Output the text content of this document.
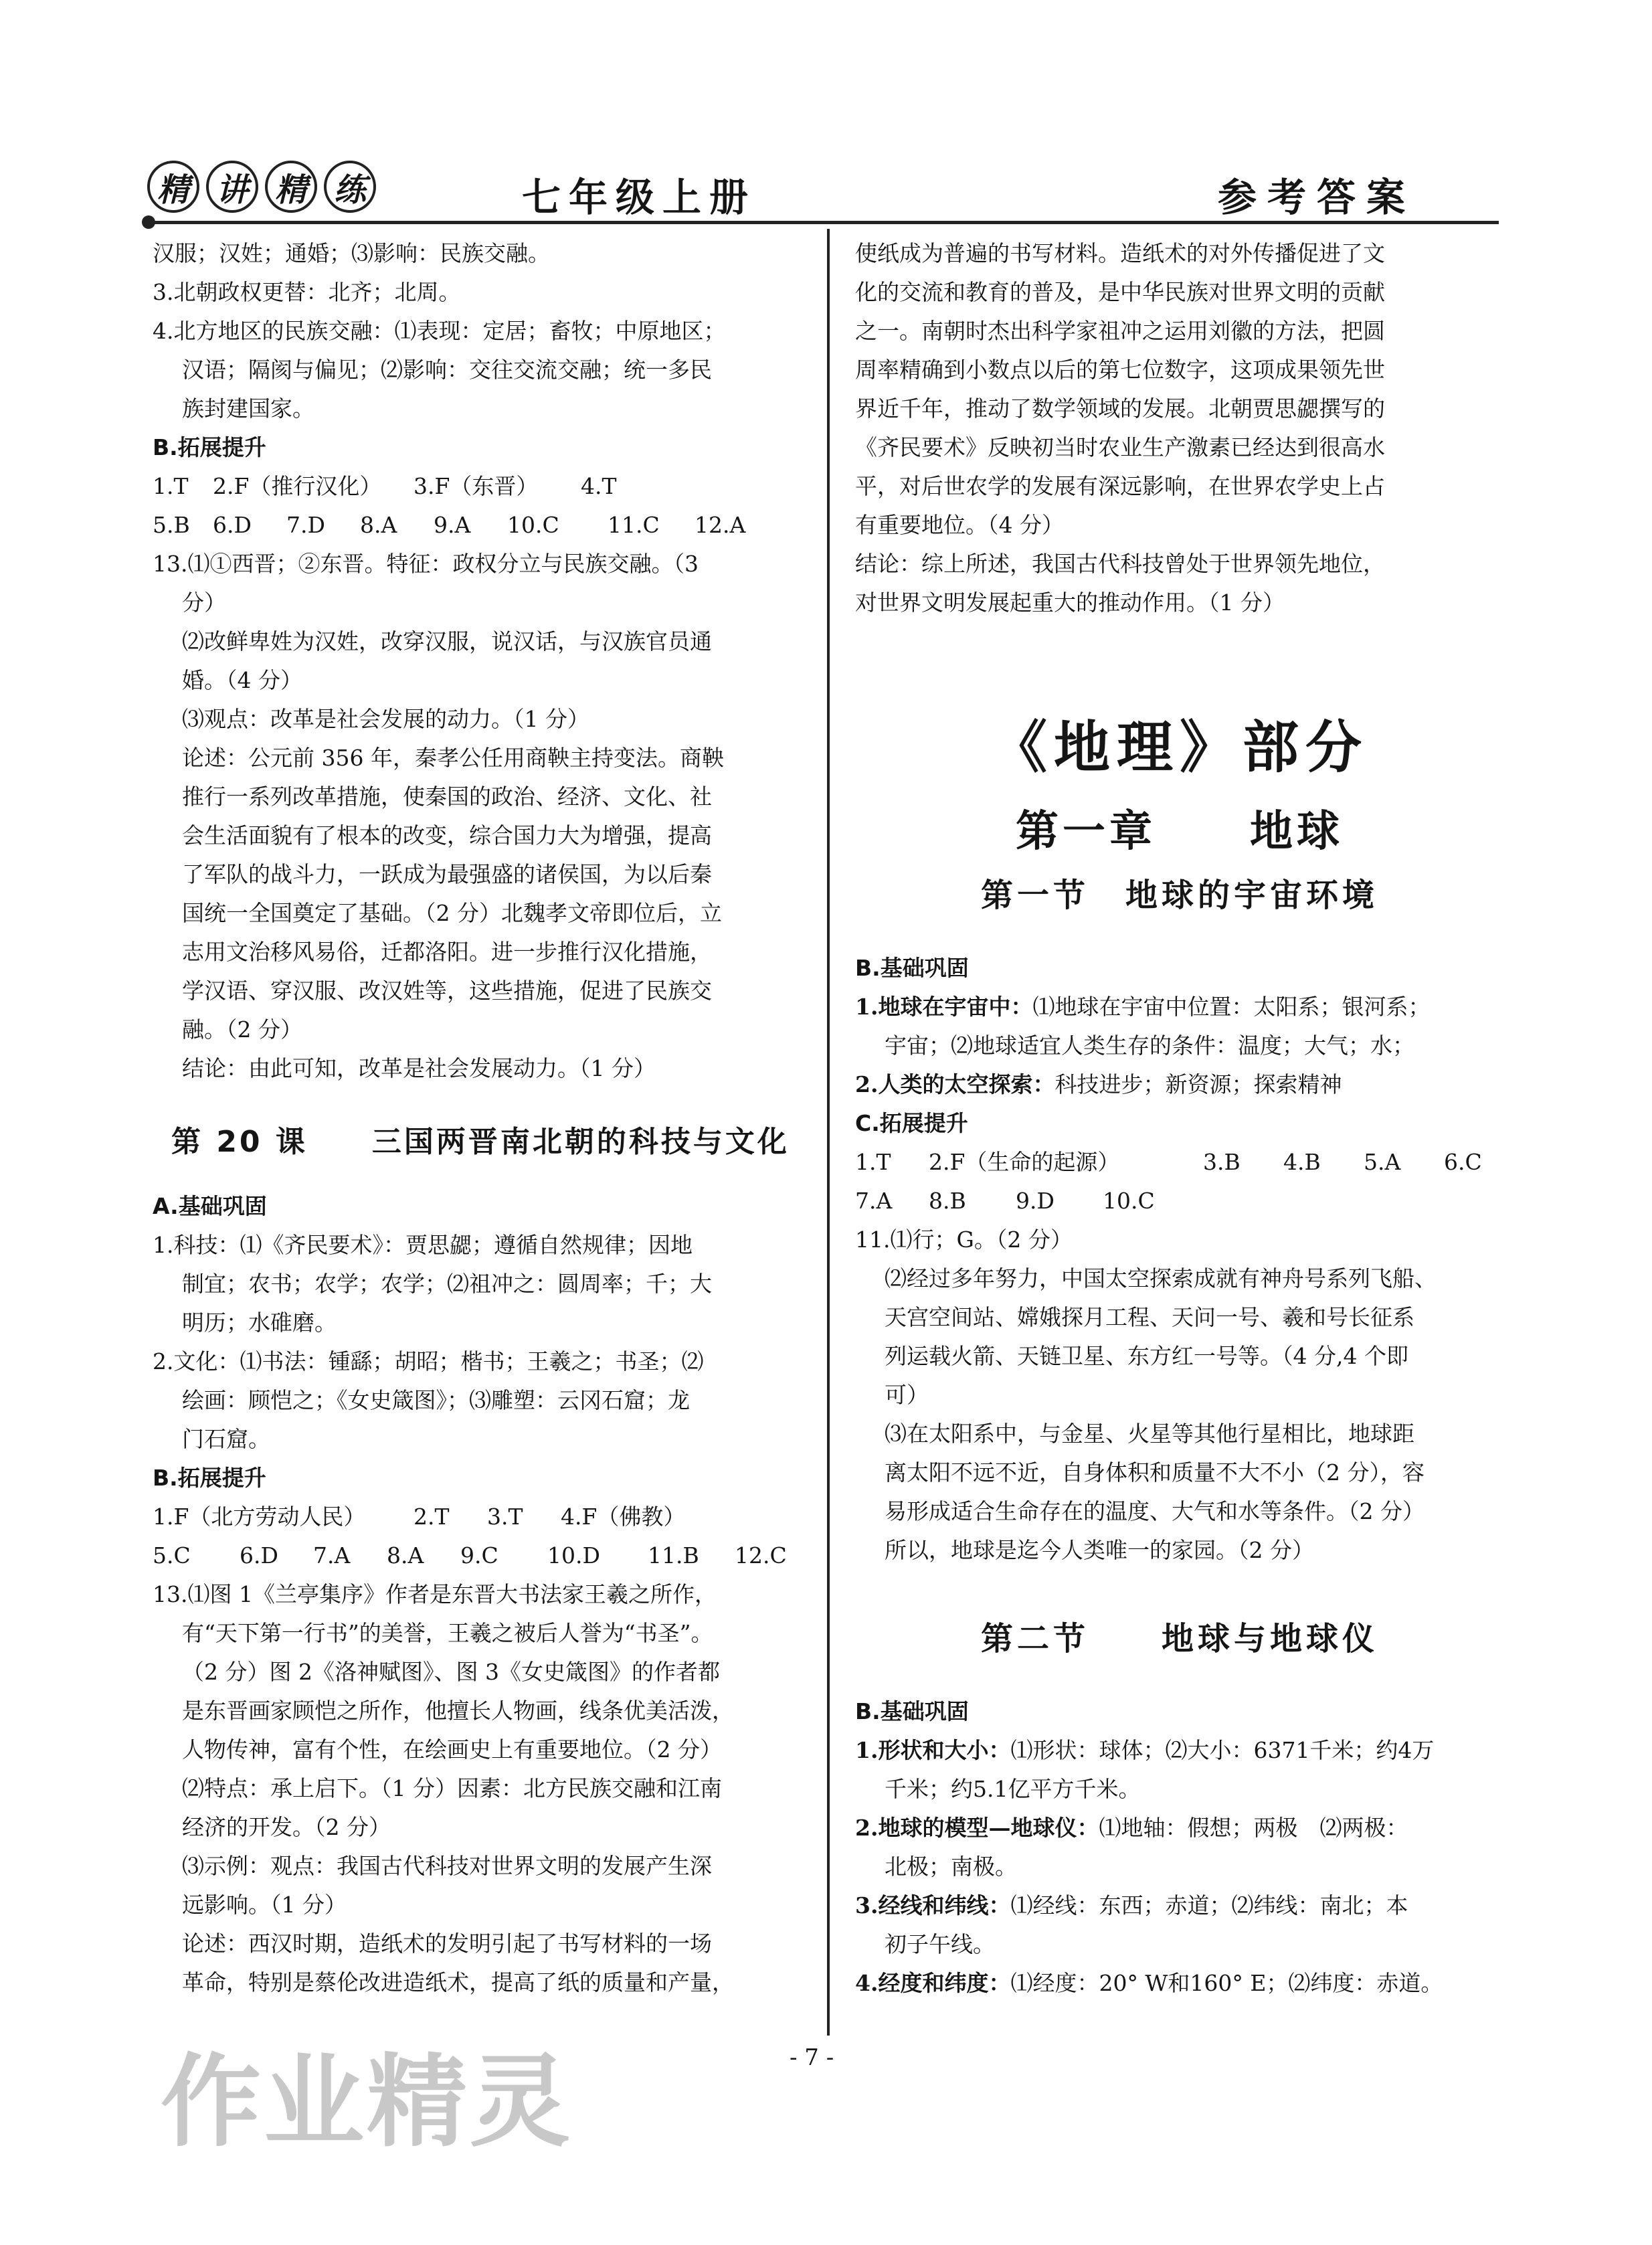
精 讲 精 练	七年级上册	参考答案

汉服；汉姓；通婚；⑶影响：民族交融。

3.北朝政权更替：北齐；北周。

4.北方地区的民族交融：⑴表现：定居；畜牧；中原地区；

汉语；隔阂与偏见；⑵影响：交往交流交融；统一多民

族封建国家。

B.拓展提升

1.T	2.F（推行汉化）	3.F（东晋）	4.T
5.B	6.D	7.D	8.A	9.A	10.C	11.C	12.A

13.⑴①西晋；②东晋。特征：政权分立与民族交融。（3

分）

⑵改鲜卑姓为汉姓，改穿汉服，说汉话，与汉族官员通

婚。（4 分）

⑶观点：改革是社会发展的动力。（1 分）

论述：公元前 356 年，秦孝公任用商鞅主持变法。商鞅

推行一系列改革措施，使秦国的政治、经济、文化、社

会生活面貌有了根本的改变，综合国力大为增强，提高

了军队的战斗力，一跃成为最强盛的诸侯国，为以后秦

国统一全国奠定了基础。（2 分）北魏孝文帝即位后，立

志用文治移风易俗，迁都洛阳。进一步推行汉化措施，

学汉语、穿汉服、改汉姓等，这些措施，促进了民族交

融。（2 分）

结论：由此可知，改革是社会发展动力。（1 分）

第 20 课　　三国两晋南北朝的科技与文化

A.基础巩固

1.科技：⑴《齐民要术》：贾思勰；遵循自然规律；因地

制宜；农书；农学；农学；⑵祖冲之：圆周率；千；大

明历；水碓磨。

2.文化：⑴书法：锺繇；胡昭；楷书；王羲之；书圣；⑵

绘画：顾恺之；《女史箴图》；⑶雕塑：云冈石窟；龙

门石窟。

B.拓展提升

1.F（北方劳动人民）	2.T	3.T	4.F（佛教）
5.C	6.D	7.A	8.A	9.C	10.D	11.B	12.C

13.⑴图 1《兰亭集序》作者是东晋大书法家王羲之所作，

有“天下第一行书”的美誉，王羲之被后人誉为“书圣”。

（2 分）图 2《洛神赋图》、图 3《女史箴图》的作者都

是东晋画家顾恺之所作，他擅长人物画，线条优美活泼，

人物传神，富有个性，在绘画史上有重要地位。（2 分）

⑵特点：承上启下。（1 分）因素：北方民族交融和江南

经济的开发。（2 分）

⑶示例：观点：我国古代科技对世界文明的发展产生深

远影响。（1 分）

论述：西汉时期，造纸术的发明引起了书写材料的一场

革命，特别是蔡伦改进造纸术，提高了纸的质量和产量，

使纸成为普遍的书写材料。造纸术的对外传播促进了文

化的交流和教育的普及，是中华民族对世界文明的贡献

之一。南朝时杰出科学家祖冲之运用刘徽的方法，把圆

周率精确到小数点以后的第七位数字，这项成果领先世

界近千年，推动了数学领域的发展。北朝贾思勰撰写的

《齐民要术》反映初当时农业生产激素已经达到很高水

平，对后世农学的发展有深远影响，在世界农学史上占

有重要地位。（4 分）

结论：综上所述，我国古代科技曾处于世界领先地位，

对世界文明发展起重大的推动作用。（1 分）

《地理》部分
第一章　　地球
第一节　地球的宇宙环境

B.基础巩固

1.地球在宇宙中：⑴地球在宇宙中位置：太阳系；银河系；

宇宙；⑵地球适宜人类生存的条件：温度；大气；水；

2.人类的太空探索：科技进步；新资源；探索精神

C.拓展提升

1.T	2.F（生命的起源）	3.B	4.B	5.A	6.C
7.A	8.B	9.D	10.C

11.⑴行；G。（2 分）

⑵经过多年努力，中国太空探索成就有神舟号系列飞船、

天宫空间站、嫦娥探月工程、天问一号、羲和号长征系

列运载火箭、天链卫星、东方红一号等。（4 分,4 个即

可）

⑶在太阳系中，与金星、火星等其他行星相比，地球距

离太阳不远不近，自身体积和质量不大不小（2 分），容

易形成适合生命存在的温度、大气和水等条件。（2 分）

所以，地球是迄今人类唯一的家园。（2 分）

第二节　　地球与地球仪

B.基础巩固

1.形状和大小：⑴形状：球体；⑵大小：6371千米；约4万

千米；约5.1亿平方千米。

2.地球的模型—地球仪：⑴地轴：假想；两极　⑵两极：

北极；南极。

3.经线和纬线：⑴经线：东西；赤道；⑵纬线：南北；本

初子午线。

4.经度和纬度：⑴经度：20° W和160° E；⑵纬度：赤道。

- 7 -
作业精灵
